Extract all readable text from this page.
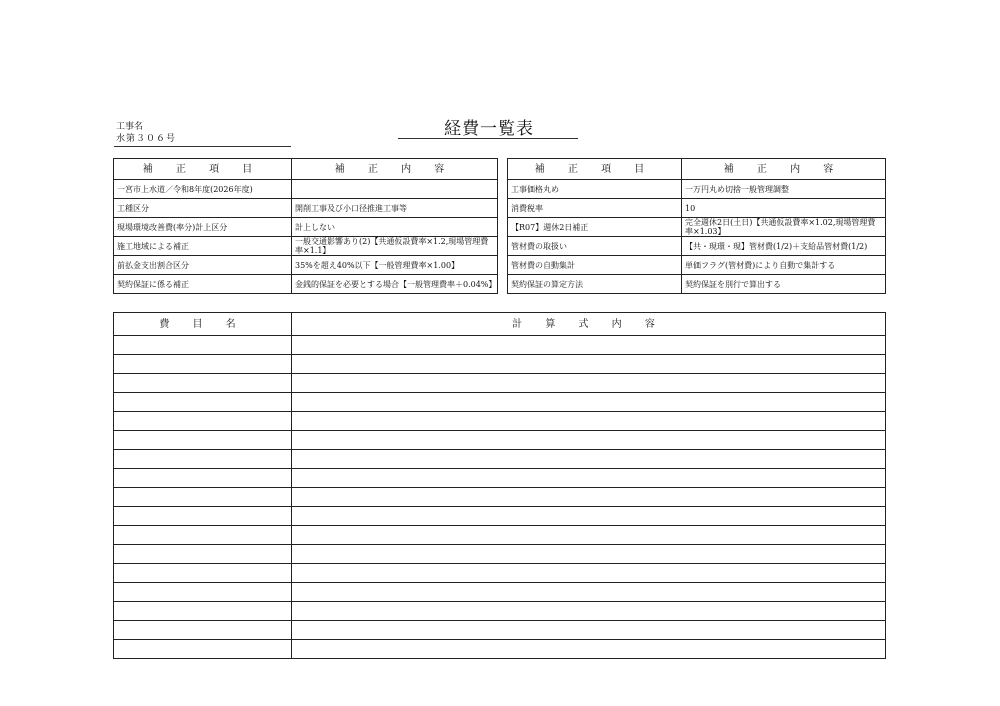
工事名
水第３０６号	経費一覧表
補 正 項 目	補 正 内 容
一宮市上水道／令和8年度(2026年度)	
工種区分	開削工事及び小口径推進工事等
現場環境改善費(率分)計上区分	計上しない
施工地域による補正	一般交通影響あり(2)【共通仮設費率×1.2,現場管理費率×1.1】
前払金支出割合区分	35%を超え40%以下【一般管理費率×1.00】
契約保証に係る補正	金銭的保証を必要とする場合【一般管理費率＋0.04%】
補 正 項 目	補 正 内 容
工事価格丸め	一万円丸め切捨一般管理調整
消費税率	10
【R07】週休2日補正	完全週休2日(土日)【共通仮設費率×1.02,現場管理費率×1.03】
管材費の取扱い	【共・現環・現】管材費(1/2)＋支給品管材費(1/2)
管材費の自動集計	単価フラグ(管材費)により自動で集計する
契約保証の算定方法	契約保証を別行で算出する
費 目 名	計 算 式 内 容
